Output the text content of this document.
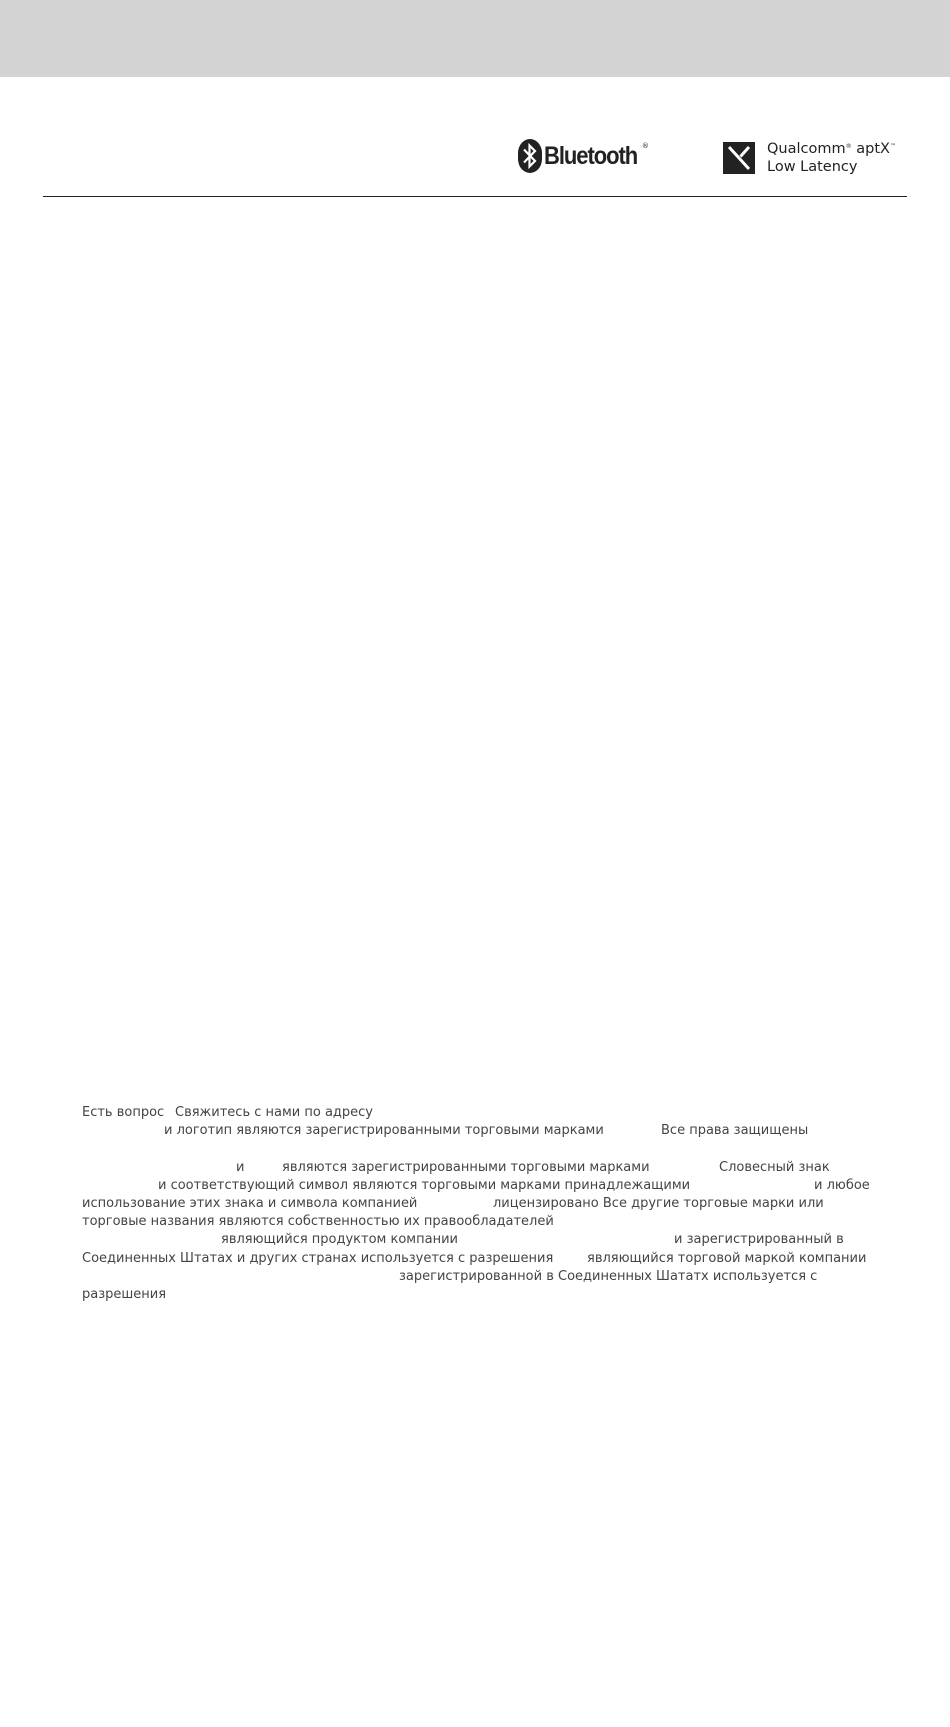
Bluetooth ®	Qualcomm® aptX™
Low Latency
Есть вопрос Свяжитесь с нами по адресу
и логотип являются зарегистрированными торговыми марками	Все права защищены
и	являются зарегистрированными торговыми марками	Словесный знак
и соответствующий символ являются торговыми марками принадлежащими	и любое
использование этих знака и символа компанией	лицензировано Все другие торговые марки или
торговые названия являются собственностью их правообладателей
являющийся продуктом компании	и зарегистрированный в
Соединенных Штатах и других странах используется с разрешения	являющийся торговой маркой компании
зарегистрированной в Соединенных Шататх используется с
разрешения
